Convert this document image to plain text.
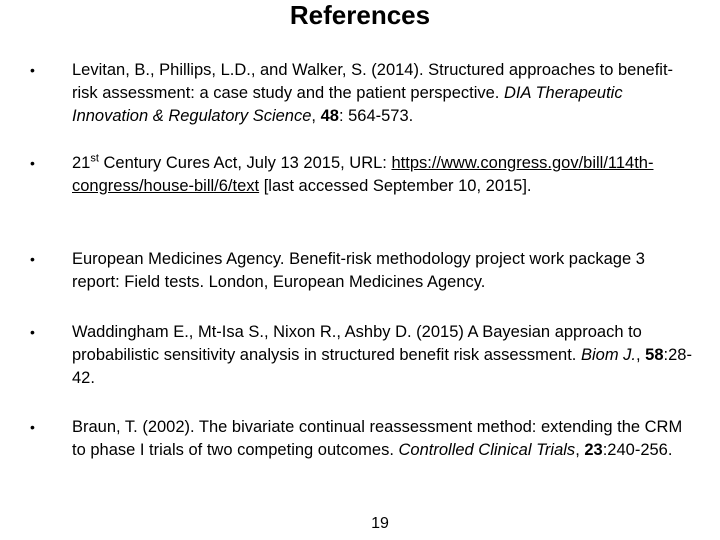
References
• Levitan, B., Phillips, L.D., and Walker, S. (2014). Structured approaches to benefit-risk assessment: a case study and the patient perspective. DIA Therapeutic Innovation & Regulatory Science, 48: 564-573.
• 21st Century Cures Act, July 13 2015, URL: https://www.congress.gov/bill/114th-congress/house-bill/6/text [last accessed September 10, 2015].
• European Medicines Agency. Benefit-risk methodology project work package 3 report: Field tests. London, European Medicines Agency.
• Waddingham E., Mt-Isa S., Nixon R., Ashby D. (2015) A Bayesian approach to probabilistic sensitivity analysis in structured benefit risk assessment. Biom J., 58:28-42.
• Braun, T. (2002). The bivariate continual reassessment method: extending the CRM to phase I trials of two competing outcomes. Controlled Clinical Trials, 23:240-256.
19
